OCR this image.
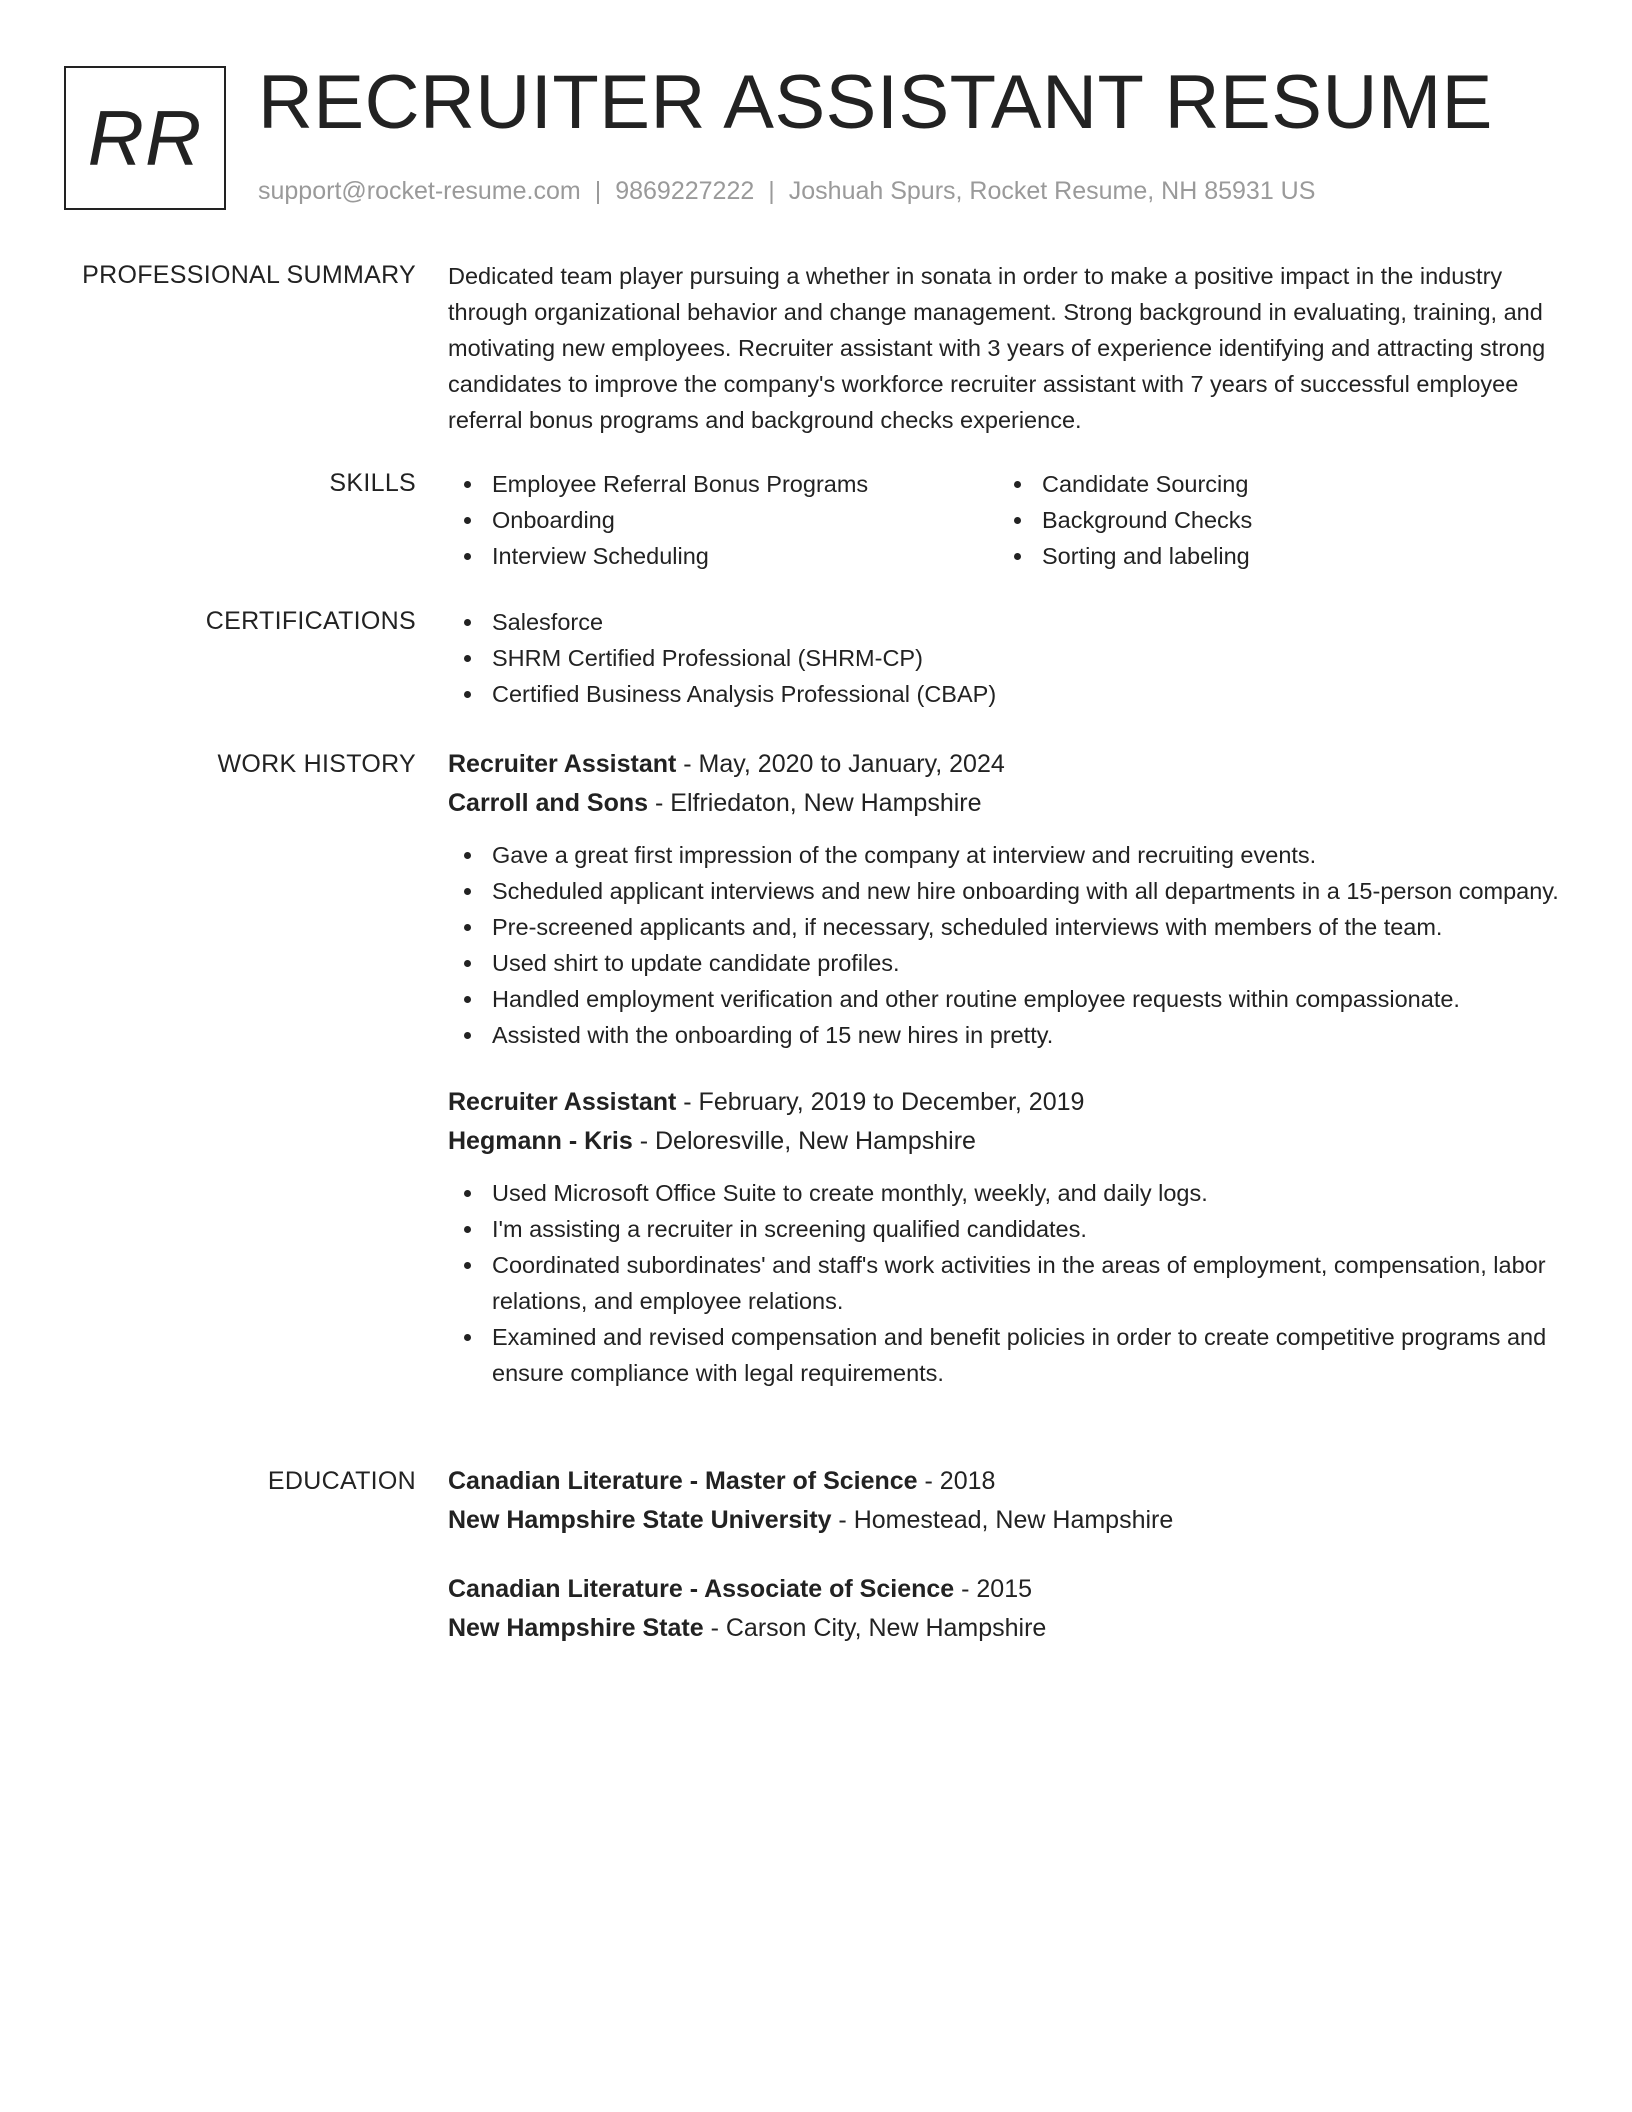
RR RECRUITER ASSISTANT RESUME
support@rocket-resume.com | 9869227222 | Joshuah Spurs, Rocket Resume, NH 85931 US
PROFESSIONAL SUMMARY Dedicated team player pursuing a whether in sonata in order to make a positive impact in the industry through organizational behavior and change management. Strong background in evaluating, training, and motivating new employees. Recruiter assistant with 3 years of experience identifying and attracting strong candidates to improve the company's workforce recruiter assistant with 7 years of successful employee referral bonus programs and background checks experience.

SKILLS	Employee Referral Bonus Programs
Onboarding
Interview Scheduling
Candidate Sourcing
Background Checks
Sorting and labeling
CERTIFICATIONS	Salesforce
SHRM Certified Professional (SHRM-CP)
Certified Business Analysis Professional (CBAP)
WORK HISTORY Recruiter Assistant - May, 2020 to January, 2024
Carroll and Sons - Elfriedaton, New Hampshire
Gave a great first impression of the company at interview and recruiting events.
Scheduled applicant interviews and new hire onboarding with all departments in a 15-person company.
Pre-screened applicants and, if necessary, scheduled interviews with members of the team.
Used shirt to update candidate profiles.
Handled employment verification and other routine employee requests within compassionate.
Assisted with the onboarding of 15 new hires in pretty.
Recruiter Assistant - February, 2019 to December, 2019
Hegmann - Kris - Deloresville, New Hampshire
Used Microsoft Office Suite to create monthly, weekly, and daily logs.
I'm assisting a recruiter in screening qualified candidates.
Coordinated subordinates' and staff's work activities in the areas of employment, compensation, labor relations, and employee relations.
Examined and revised compensation and benefit policies in order to create competitive programs and ensure compliance with legal requirements.
EDUCATION Canadian Literature - Master of Science - 2018
New Hampshire State University - Homestead, New Hampshire
Canadian Literature - Associate of Science - 2015
New Hampshire State - Carson City, New Hampshire
